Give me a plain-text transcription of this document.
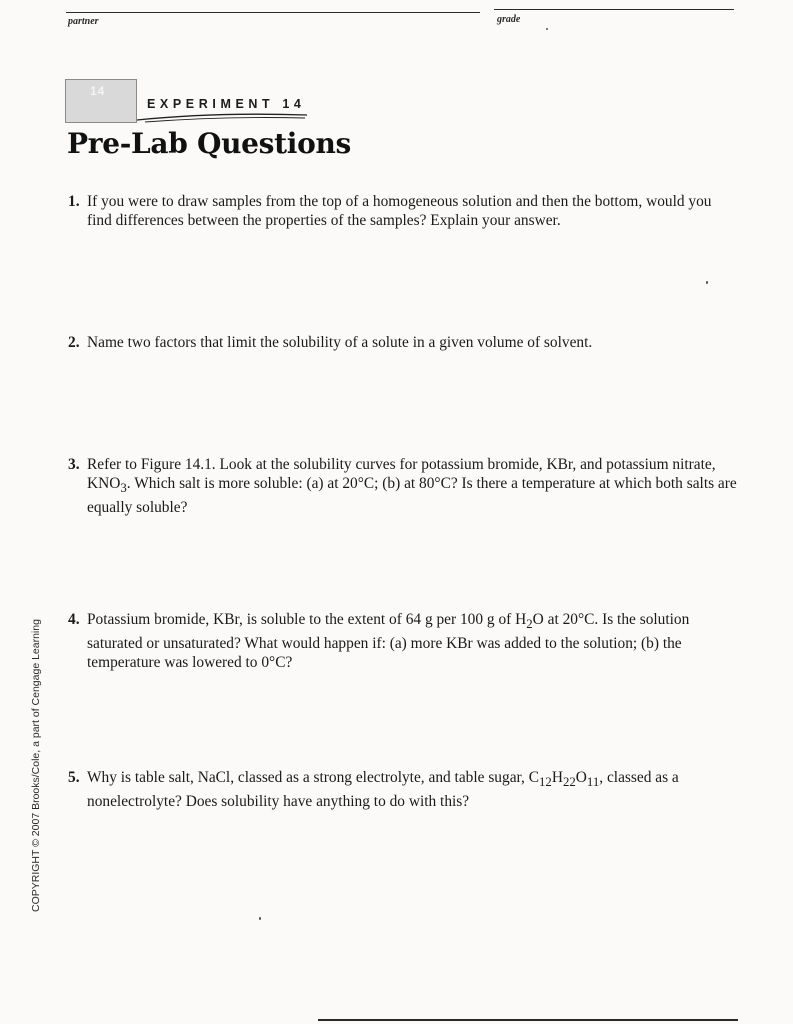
partner	grade
14
EXPERIMENT 14
Pre-Lab Questions
1. If you were to draw samples from the top of a homogeneous solution and then the bottom, would you find differences between the properties of the samples? Explain your answer.
2. Name two factors that limit the solubility of a solute in a given volume of solvent.
3. Refer to Figure 14.1. Look at the solubility curves for potassium bromide, KBr, and potassium nitrate, $KNO_3$. Which salt is more soluble: (a) at 20°C; (b) at 80°C? Is there a temperature at which both salts are equally soluble?
4. Potassium bromide, KBr, is soluble to the extent of 64 g per 100 g of $H_2O$ at 20°C. Is the solution saturated or unsaturated? What would happen if: (a) more KBr was added to the solution; (b) the temperature was lowered to 0°C?
5. Why is table salt, NaCl, classed as a strong electrolyte, and table sugar, $C_{12}H_{22}O_{11}$, classed as a nonelectrolyte? Does solubility have anything to do with this?
COPYRIGHT © 2007 Brooks/Cole, a part of Cengage Learning
